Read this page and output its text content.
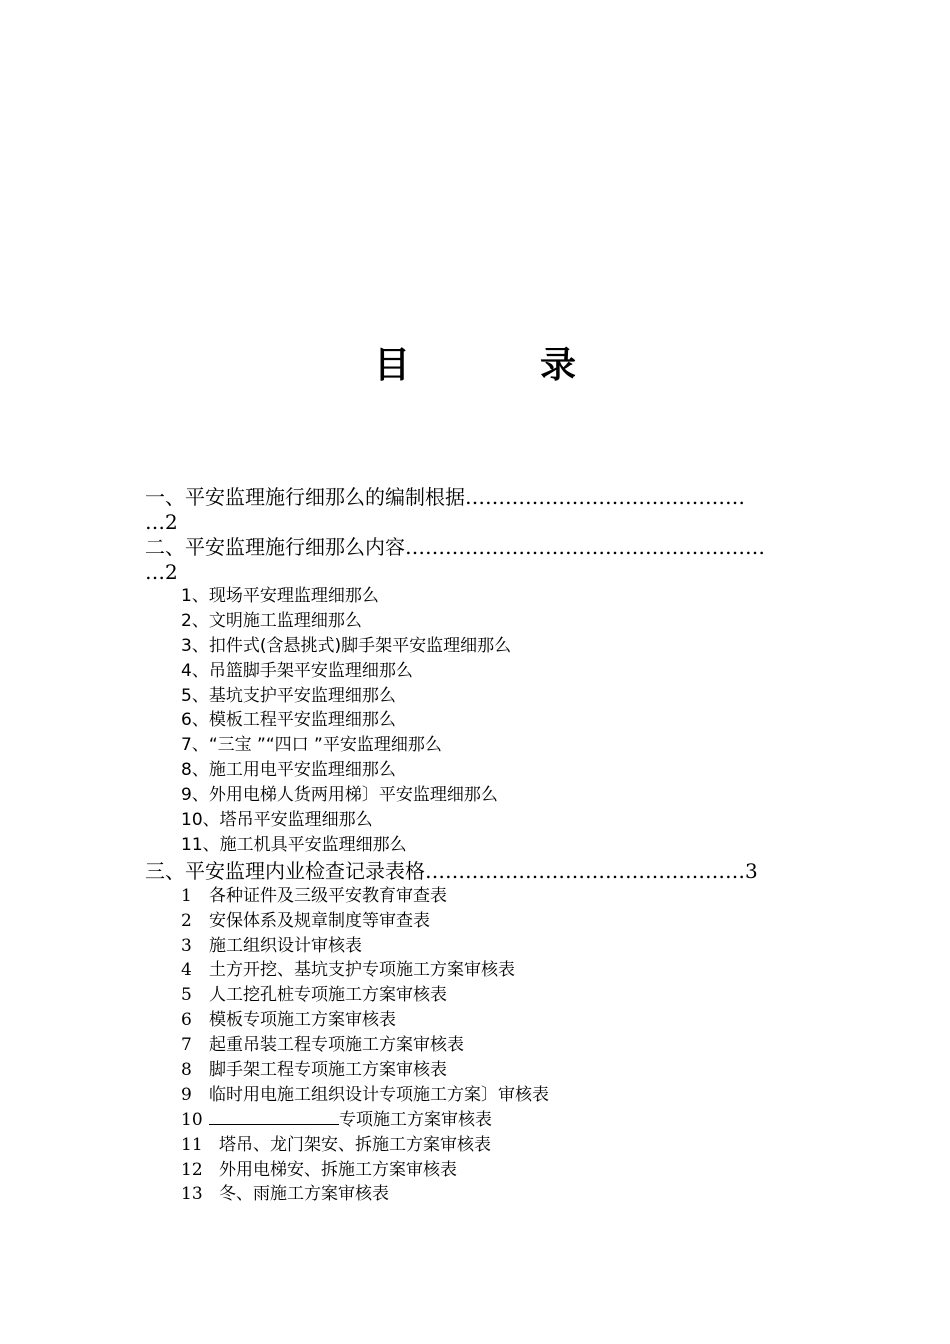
目	录
一、平安监理施行细那么的编制根据……………………………………
…2
二、平安监理施行细那么内容………………………………………………
…2
1、现场平安理监理细那么
2、文明施工监理细那么
3、扣件式(含悬挑式)脚手架平安监理细那么
4、吊篮脚手架平安监理细那么
5、基坑支护平安监理细那么
6、模板工程平安监理细那么
7、“三宝 ”“四口 ”平安监理细那么
8、施工用电平安监理细那么
9、外用电梯人货两用梯〕平安监理细那么
10、塔吊平安监理细那么
11、施工机具平安监理细那么
三、平安监理内业检查记录表格…………………………………………3
1 各种证件及三级平安教育审查表
2 安保体系及规章制度等审查表
3 施工组织设计审核表
4 土方开挖、基坑支护专项施工方案审核表
5 人工挖孔桩专项施工方案审核表
6 模板专项施工方案审核表
7 起重吊装工程专项施工方案审核表
8 脚手架工程专项施工方案审核表
9 临时用电施工组织设计专项施工方案〕审核表
10	专项施工方案审核表
11 塔吊、龙门架安、拆施工方案审核表
12 外用电梯安、拆施工方案审核表
13 冬、雨施工方案审核表
